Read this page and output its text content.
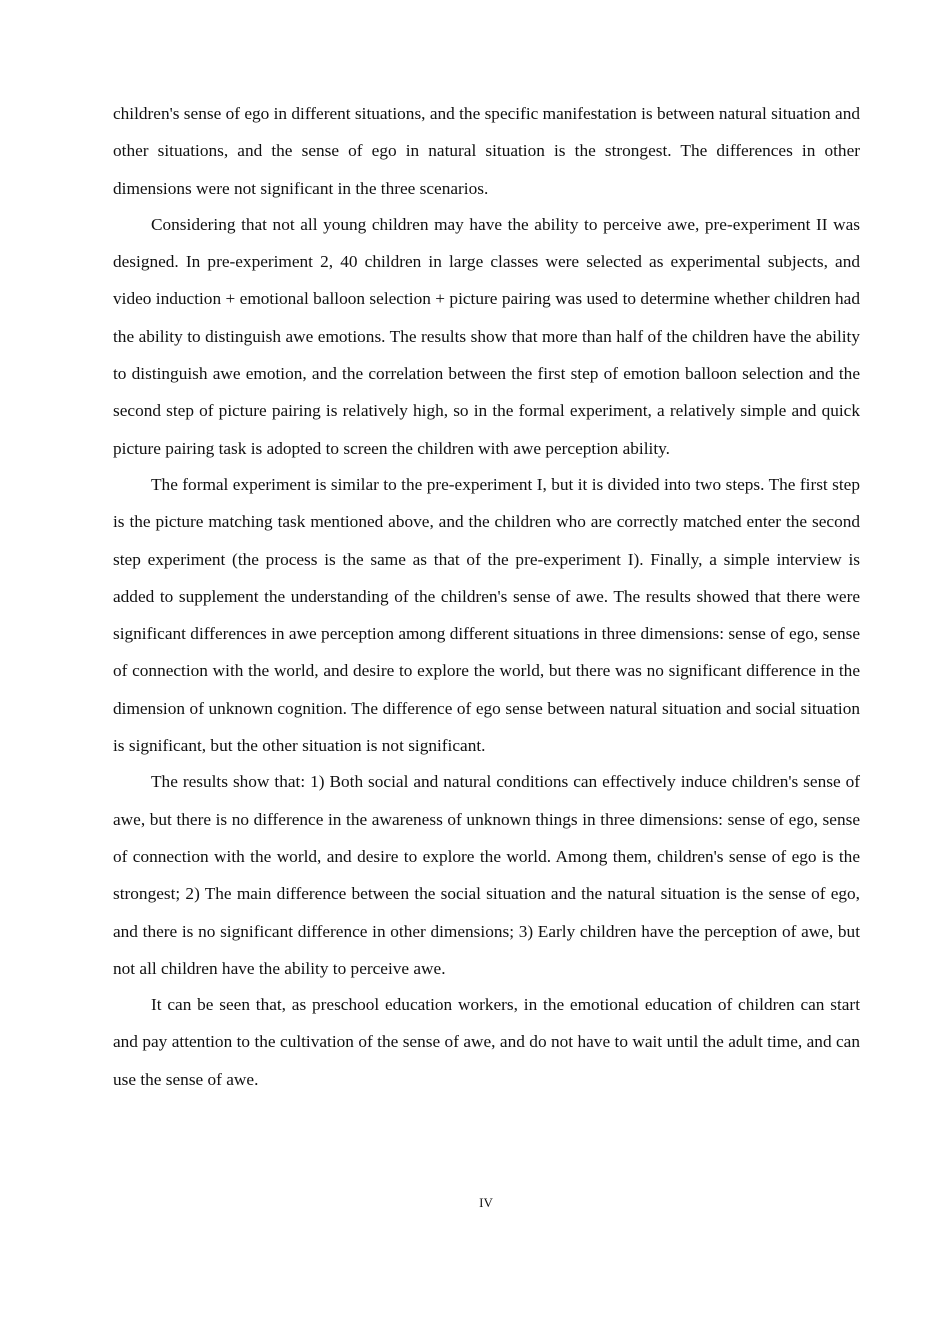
children's sense of ego in different situations, and the specific manifestation is between natural situation and other situations, and the sense of ego in natural situation is the strongest. The differences in other dimensions were not significant in the three scenarios.

Considering that not all young children may have the ability to perceive awe, pre-experiment II was designed. In pre-experiment 2, 40 children in large classes were selected as experimental subjects, and video induction + emotional balloon selection + picture pairing was used to determine whether children had the ability to distinguish awe emotions. The results show that more than half of the children have the ability to distinguish awe emotion, and the correlation between the first step of emotion balloon selection and the second step of picture pairing is relatively high, so in the formal experiment, a relatively simple and quick picture pairing task is adopted to screen the children with awe perception ability.

The formal experiment is similar to the pre-experiment I, but it is divided into two steps. The first step is the picture matching task mentioned above, and the children who are correctly matched enter the second step experiment (the process is the same as that of the pre-experiment I). Finally, a simple interview is added to supplement the understanding of the children's sense of awe. The results showed that there were significant differences in awe perception among different situations in three dimensions: sense of ego, sense of connection with the world, and desire to explore the world, but there was no significant difference in the dimension of unknown cognition. The difference of ego sense between natural situation and social situation is significant, but the other situation is not significant.

The results show that: 1) Both social and natural conditions can effectively induce children's sense of awe, but there is no difference in the awareness of unknown things in three dimensions: sense of ego, sense of connection with the world, and desire to explore the world. Among them, children's sense of ego is the strongest; 2) The main difference between the social situation and the natural situation is the sense of ego, and there is no significant difference in other dimensions; 3) Early children have the perception of awe, but not all children have the ability to perceive awe.

It can be seen that, as preschool education workers, in the emotional education of children can start and pay attention to the cultivation of the sense of awe, and do not have to wait until the adult time, and can use the sense of awe.

IV
